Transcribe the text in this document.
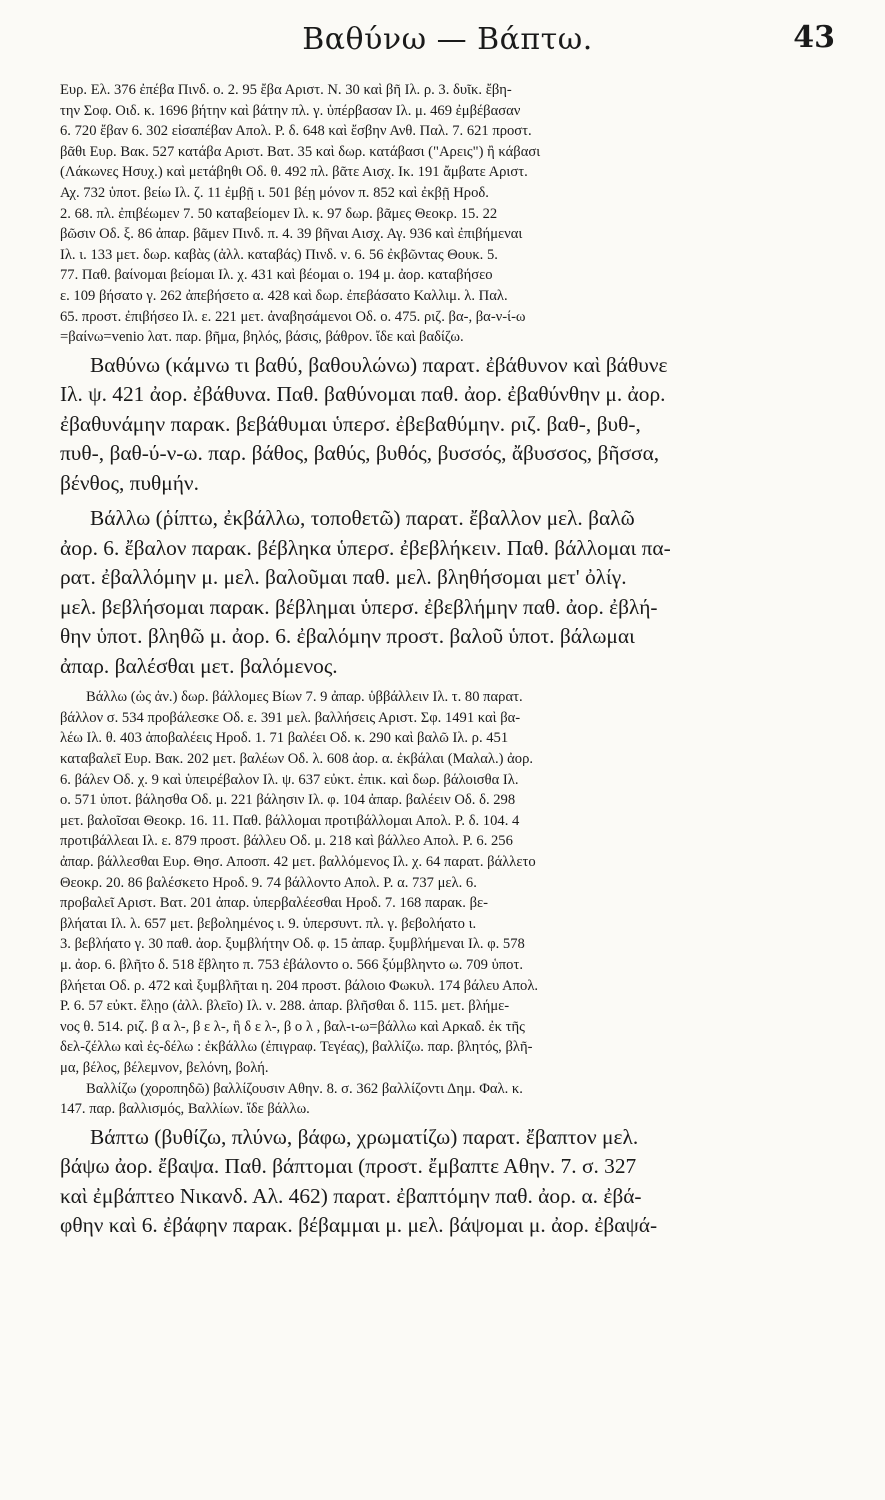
Βαθύνω — Βάπτω.	43
Ευρ. Ελ. 376 ἐπέβα Πινδ. ο. 2. 95 ἔβα Αριστ. Ν. 30 καὶ βῆ Ιλ. ρ. 3. δυῖκ. ἔβη-
την Σοφ. Οιδ. κ. 1696 βήτην καὶ βάτην πλ. γ. ὑπέρβασαν Ιλ. μ. 469 ἐμβέβασαν
6. 720 ἔβαν 6. 302 εἰσαπέβαν Απολ. Ρ. δ. 648 καὶ ἔσβην Ανθ. Παλ. 7. 621 προστ.
βᾶθι Ευρ. Βακ. 527 κατάβα Αριστ. Βατ. 35 καὶ δωρ. κατάβασι ("Αρεις") ἢ κάβασι
(Λάκωνες Ησυχ.) καὶ μετάβηθι Οδ. θ. 492 πλ. βᾶτε Αισχ. Ικ. 191 ἄμβατε Αριστ.
Αχ. 732 ὑποτ. βείω Ιλ. ζ. 11 ἐμβῇ ι. 501 βέῃ μόνον π. 852 καὶ ἐκβῇ Ηροδ.
2. 68. πλ. ἐπιβέωμεν 7. 50 καταβείομεν Ιλ. κ. 97 δωρ. βᾶμες Θεοκρ. 15. 22
βῶσιν Οδ. ξ. 86 ἀπαρ. βᾶμεν Πινδ. π. 4. 39 βῆναι Αισχ. Αγ. 936 καὶ ἐπιβήμεναι
Ιλ. ι. 133 μετ. δωρ. καβὰς (ἀλλ. καταβάς) Πινδ. ν. 6. 56 ἐκβῶντας Θουκ. 5.
77. Παθ. βαίνομαι βείομαι Ιλ. χ. 431 καὶ βέομαι ο. 194 μ. ἀορ. καταβήσεο
ε. 109 βήσατο γ. 262 ἀπεβήσετο α. 428 καὶ δωρ. ἐπεβάσατο Καλλιμ. λ. Παλ.
65. προστ. ἐπιβήσεο Ιλ. ε. 221 μετ. ἀναβησάμενοι Οδ. ο. 475. ριζ. βα-, βα-ν-ί-ω
=βαίνω=venio λατ. παρ. βῆμα, βηλός, βάσις, βάθρον. ἴδε καὶ βαδίζω.
Βαθύνω (κάμνω τι βαθύ, βαθουλώνω) παρατ. ἐβάθυνον καὶ βάθυνε
Ιλ. ψ. 421 ἀορ. ἐβάθυνα. Παθ. βαθύνομαι παθ. ἀορ. ἐβαθύνθην μ. ἀορ.
ἐβαθυνάμην παρακ. βεβάθυμαι ὑπερσ. ἐβεβαθύμην. ριζ. βαθ-, βυθ-,
πυθ-, βαθ-ύ-ν-ω. παρ. βάθος, βαθύς, βυθός, βυσσός, ἄβυσσος, βῆσσα,
βένθος, πυθμήν.
Βάλλω (ῥίπτω, ἐκβάλλω, τοποθετῶ) παρατ. ἔβαλλον μελ. βαλῶ
ἀορ. 6. ἔβαλον παρακ. βέβληκα ὑπερσ. ἐβεβλήκειν. Παθ. βάλλομαι πα-
ρατ. ἐβαλλόμην μ. μελ. βαλοῦμαι παθ. μελ. βληθήσομαι μετ' ὀλίγ.
μελ. βεβλήσομαι παρακ. βέβλημαι ὑπερσ. ἐβεβλήμην παθ. ἀορ. ἐβλή-
θην ὑποτ. βληθῶ μ. ἀορ. 6. ἐβαλόμην προστ. βαλοῦ ὑποτ. βάλωμαι
ἀπαρ. βαλέσθαι μετ. βαλόμενος.
Βάλλω (ὡς ἀν.) δωρ. βάλλομες Βίων 7. 9 ἀπαρ. ὑββάλλειν Ιλ. τ. 80 παρατ.
βάλλον σ. 534 προβάλεσκε Οδ. ε. 391 μελ. βαλλήσεις Αριστ. Σφ. 1491 καὶ βα-
λέω Ιλ. θ. 403 ἀποβαλέεις Ηροδ. 1. 71 βαλέει Οδ. κ. 290 καὶ βαλῶ Ιλ. ρ. 451
καταβαλεῖ Ευρ. Βακ. 202 μετ. βαλέων Οδ. λ. 608 ἀορ. α. ἐκβάλαι (Μαλαλ.) ἀορ.
6. βάλεν Οδ. χ. 9 καὶ ὑπειρέβαλον Ιλ. ψ. 637 εὐκτ. ἐπικ. καὶ δωρ. βάλοισθα Ιλ.
ο. 571 ὑποτ. βάλησθα Οδ. μ. 221 βάλησιν Ιλ. φ. 104 ἀπαρ. βαλέειν Οδ. δ. 298
μετ. βαλοῖσαι Θεοκρ. 16. 11. Παθ. βάλλομαι προτιβάλλομαι Απολ. Ρ. δ. 104. 4
προτιβάλλεαι Ιλ. ε. 879 προστ. βάλλευ Οδ. μ. 218 καὶ βάλλεο Απολ. Ρ. 6. 256
ἀπαρ. βάλλεσθαι Ευρ. Θησ. Αποσπ. 42 μετ. βαλλόμενος Ιλ. χ. 64 παρατ. βάλλετο
Θεοκρ. 20. 86 βαλέσκετο Ηροδ. 9. 74 βάλλοντο Απολ. Ρ. α. 737 μελ. 6.
προβαλεῖ Αριστ. Βατ. 201 ἀπαρ. ὑπερβαλέεσθαι Ηροδ. 7. 168 παρακ. βε-
βλήαται Ιλ. λ. 657 μετ. βεβολημένος ι. 9. ὑπερσυντ. πλ. γ. βεβολήατο ι.
3. βεβλήατο γ. 30 παθ. ἀορ. ξυμβλήτην Οδ. φ. 15 ἀπαρ. ξυμβλήμεναι Ιλ. φ. 578
μ. ἀορ. 6. βλῆτο δ. 518 ἔβλητο π. 753 ἐβάλοντο ο. 566 ξύμβληντο ω. 709 ὑποτ.
βλήεται Οδ. ρ. 472 καὶ ξυμβλῆται η. 204 προστ. βάλοιο Φωκυλ. 174 βάλευ Απολ.
Ρ. 6. 57 εὐκτ. ἔλῃο (ἀλλ. βλεῖο) Ιλ. ν. 288. ἀπαρ. βλῆσθαι δ. 115. μετ. βλήμε-
νος θ. 514. ριζ. β α λ-, β ε λ-, ἢ δ ε λ-, β ο λ , βαλ-ι-ω=βάλλω καὶ Αρκαδ. ἐκ τῆς
δελ-ζέλλω καὶ ἐς-δέλω : ἐκβάλλω (ἐπιγραφ. Τεγέας), βαλλίζω. παρ. βλητός, βλῆ-
μα, βέλος, βέλεμνον, βελόνη, βολή.
Βαλλίζω (χοροπηδῶ) βαλλίζουσιν Αθην. 8. σ. 362 βαλλίζοντι Δημ. Φαλ. κ.
147. παρ. βαλλισμός, Βαλλίων. ἴδε βάλλω.
Βάπτω (βυθίζω, πλύνω, βάφω, χρωματίζω) παρατ. ἔβαπτον μελ.
βάψω ἀορ. ἔβαψα. Παθ. βάπτομαι (προστ. ἔμβαπτε Αθην. 7. σ. 327
καὶ ἐμβάπτεο Νικανδ. Αλ. 462) παρατ. ἐβαπτόμην παθ. ἀορ. α. ἐβά-
φθην καὶ 6. ἐβάφην παρακ. βέβαμμαι μ. μελ. βάψομαι μ. ἀορ. ἐβαψά-
